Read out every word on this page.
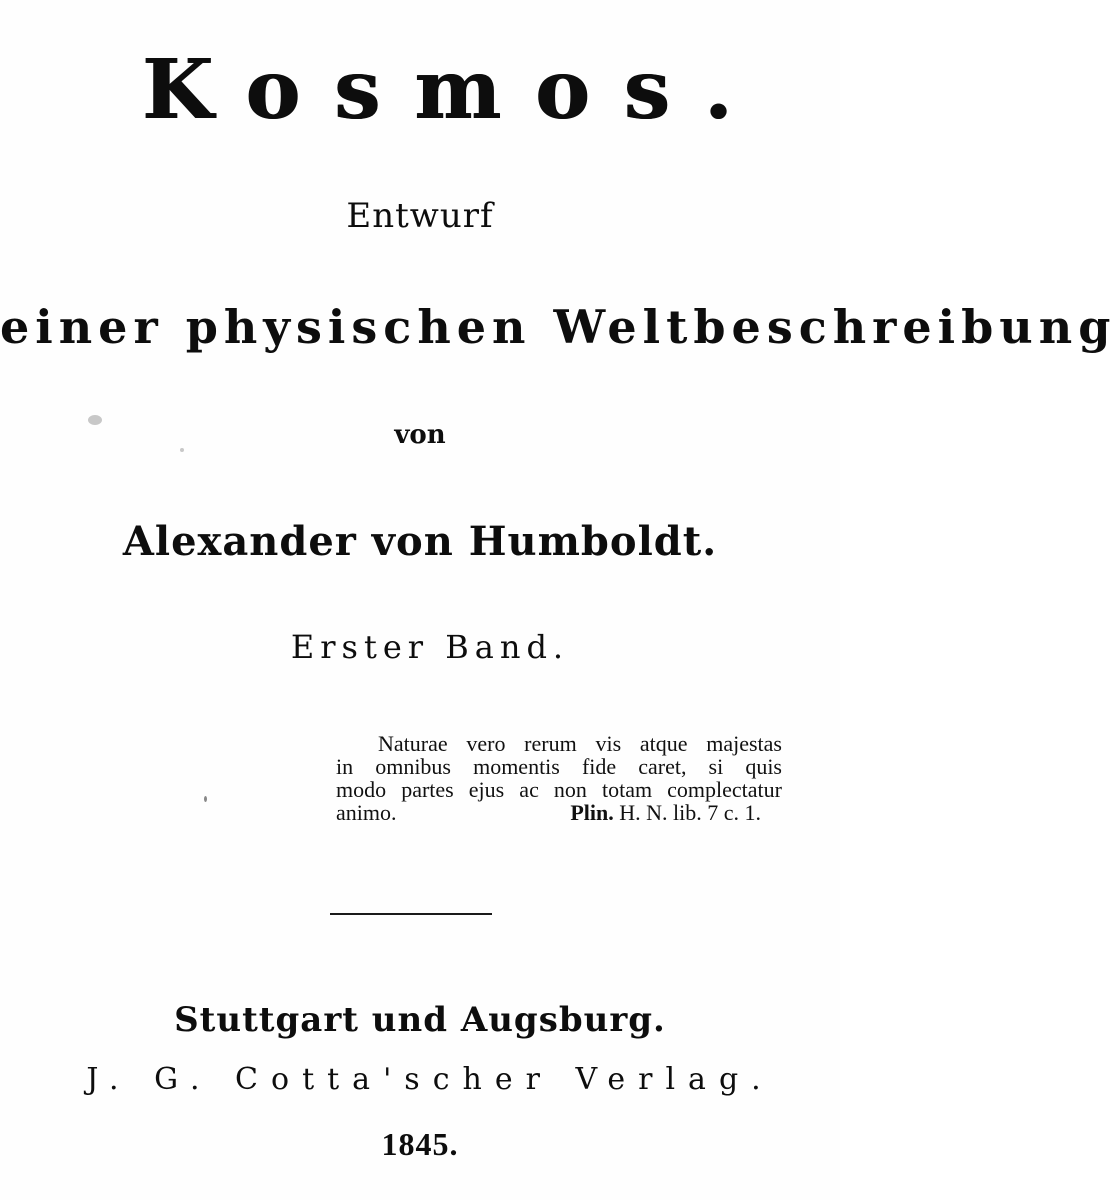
Kosmos.
Entwurf
einer physischen Weltbeschreibung
von
Alexander von Humboldt.
Erster Band.
Naturae vero rerum vis atque majestas
in omnibus momentis fide caret, si quis
modo partes ejus ac non totam complectatur
animo.	Plin. H. N. lib. 7 c. 1.
Stuttgart und Augsburg.
J. G. Cotta'scher Verlag.
1845.
